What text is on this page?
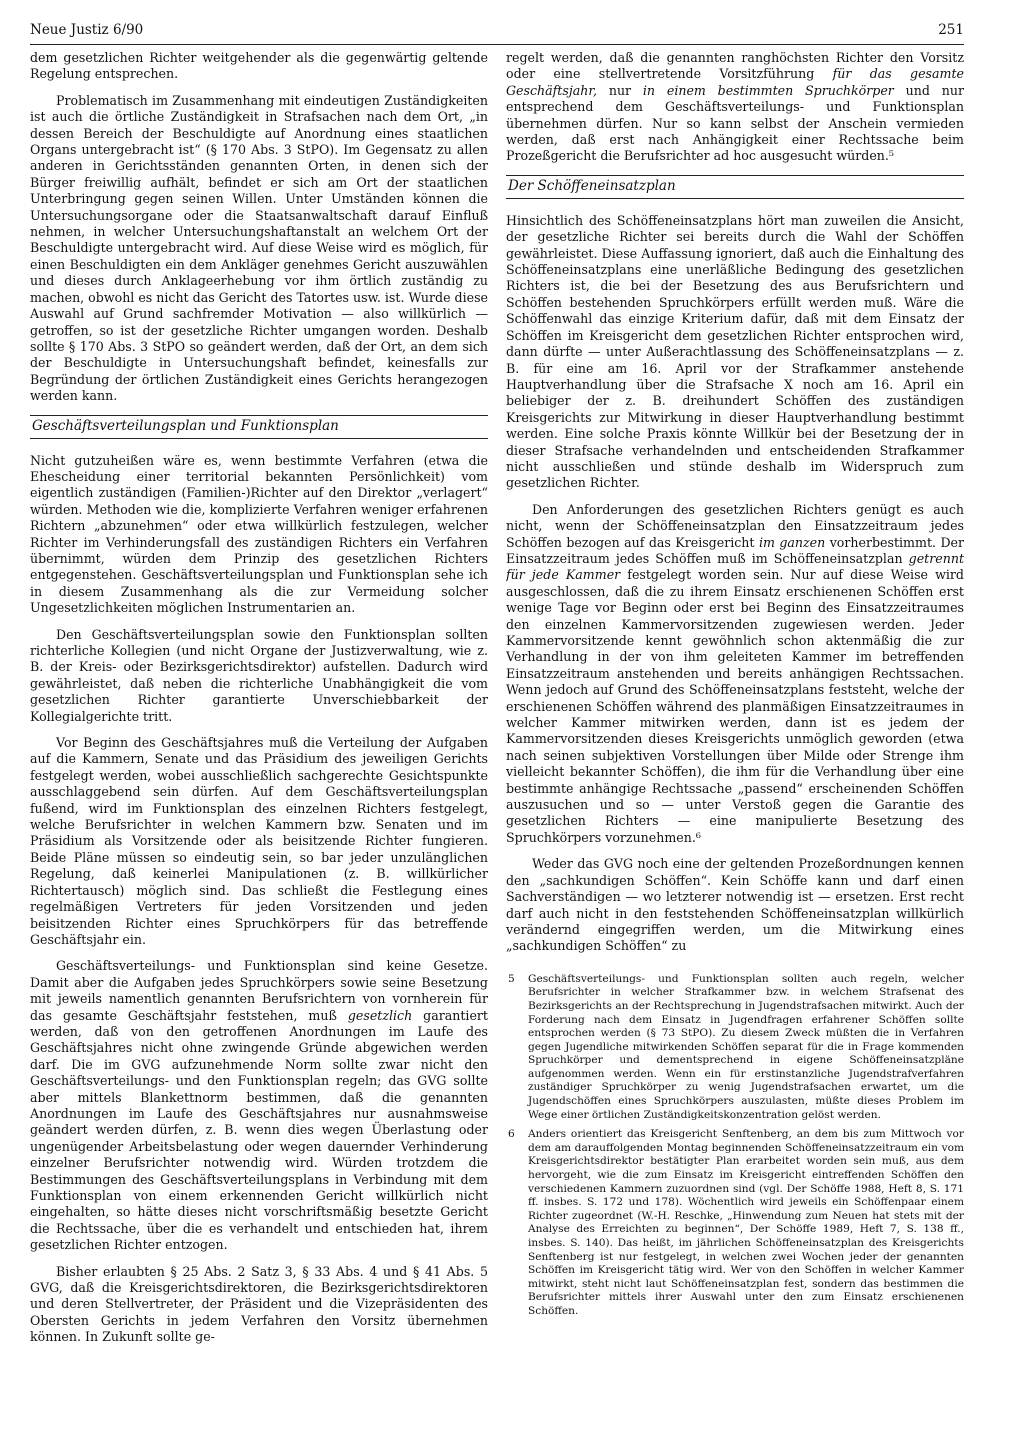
Neue Justiz 6/90	251

dem gesetzlichen Richter weitgehender als die gegenwärtig geltende Regelung entsprechen.

Problematisch im Zusammenhang mit eindeutigen Zuständigkeiten ist auch die örtliche Zuständigkeit in Strafsachen nach dem Ort, „in dessen Bereich der Beschuldigte auf Anordnung eines staatlichen Organs untergebracht ist“ (§ 170 Abs. 3 StPO). Im Gegensatz zu allen anderen in Gerichtsständen genannten Orten, in denen sich der Bürger freiwillig aufhält, befindet er sich am Ort der staatlichen Unterbringung gegen seinen Willen. Unter Umständen können die Untersuchungsorgane oder die Staatsanwaltschaft darauf Einfluß nehmen, in welcher Untersuchungshaftanstalt an welchem Ort der Beschuldigte untergebracht wird. Auf diese Weise wird es möglich, für einen Beschuldigten ein dem Ankläger genehmes Gericht auszuwählen und dieses durch Anklageerhebung vor ihm örtlich zuständig zu machen, obwohl es nicht das Gericht des Tatortes usw. ist. Wurde diese Auswahl auf Grund sachfremder Motivation — also willkürlich — getroffen, so ist der gesetzliche Richter umgangen worden. Deshalb sollte § 170 Abs. 3 StPO so geändert werden, daß der Ort, an dem sich der Beschuldigte in Untersuchungshaft befindet, keinesfalls zur Begründung der örtlichen Zuständigkeit eines Gerichts herangezogen werden kann.

Geschäftsverteilungsplan und Funktionsplan

Nicht gutzuheißen wäre es, wenn bestimmte Verfahren (etwa die Ehescheidung einer territorial bekannten Persönlichkeit) vom eigentlich zuständigen (Familien-)Richter auf den Direktor „verlagert“ würden. Methoden wie die, komplizierte Verfahren weniger erfahrenen Richtern „abzunehmen“ oder etwa willkürlich festzulegen, welcher Richter im Verhinderungsfall des zuständigen Richters ein Verfahren übernimmt, würden dem Prinzip des gesetzlichen Richters entgegenstehen. Geschäftsverteilungsplan und Funktionsplan sehe ich in diesem Zusammenhang als die zur Vermeidung solcher Ungesetzlichkeiten möglichen Instrumentarien an.

Den Geschäftsverteilungsplan sowie den Funktionsplan sollten richterliche Kollegien (und nicht Organe der Justizverwaltung, wie z. B. der Kreis- oder Bezirksgerichtsdirektor) aufstellen. Dadurch wird gewährleistet, daß neben die richterliche Unabhängigkeit die vom gesetzlichen Richter garantierte Unverschiebbarkeit der Kollegialgerichte tritt.

Vor Beginn des Geschäftsjahres muß die Verteilung der Aufgaben auf die Kammern, Senate und das Präsidium des jeweiligen Gerichts festgelegt werden, wobei ausschließlich sachgerechte Gesichtspunkte ausschlaggebend sein dürfen. Auf dem Geschäftsverteilungsplan fußend, wird im Funktionsplan des einzelnen Richters festgelegt, welche Berufsrichter in welchen Kammern bzw. Senaten und im Präsidium als Vorsitzende oder als beisitzende Richter fungieren. Beide Pläne müssen so eindeutig sein, so bar jeder unzulänglichen Regelung, daß keinerlei Manipulationen (z. B. willkürlicher Richtertausch) möglich sind. Das schließt die Festlegung eines regelmäßigen Vertreters für jeden Vorsitzenden und jeden beisitzenden Richter eines Spruchkörpers für das betreffende Geschäftsjahr ein.

Geschäftsverteilungs- und Funktionsplan sind keine Gesetze. Damit aber die Aufgaben jedes Spruchkörpers sowie seine Besetzung mit jeweils namentlich genannten Berufsrichtern von vornherein für das gesamte Geschäftsjahr feststehen, muß gesetzlich garantiert werden, daß von den getroffenen Anordnungen im Laufe des Geschäftsjahres nicht ohne zwingende Gründe abgewichen werden darf. Die im GVG aufzunehmende Norm sollte zwar nicht den Geschäftsverteilungs- und den Funktionsplan regeln; das GVG sollte aber mittels Blankettnorm bestimmen, daß die genannten Anordnungen im Laufe des Geschäftsjahres nur ausnahmsweise geändert werden dürfen, z. B. wenn dies wegen Überlastung oder ungenügender Arbeitsbelastung oder wegen dauernder Verhinderung einzelner Berufsrichter notwendig wird. Würden trotzdem die Bestimmungen des Geschäftsverteilungsplans in Verbindung mit dem Funktionsplan von einem erkennenden Gericht willkürlich nicht eingehalten, so hätte dieses nicht vorschriftsmäßig besetzte Gericht die Rechtssache, über die es verhandelt und entschieden hat, ihrem gesetzlichen Richter entzogen.

Bisher erlaubten § 25 Abs. 2 Satz 3, § 33 Abs. 4 und § 41 Abs. 5 GVG, daß die Kreisgerichtsdirektoren, die Bezirksgerichtsdirektoren und deren Stellvertreter, der Präsident und die Vizepräsidenten des Obersten Gerichts in jedem Verfahren den Vorsitz übernehmen können. In Zukunft sollte ge-

regelt werden, daß die genannten ranghöchsten Richter den Vorsitz oder eine stellvertretende Vorsitzführung für das gesamte Geschäftsjahr, nur in einem bestimmten Spruchkörper und nur entsprechend dem Geschäftsverteilungs- und Funktionsplan übernehmen dürfen. Nur so kann selbst der Anschein vermieden werden, daß erst nach Anhängigkeit einer Rechtssache beim Prozeßgericht die Berufsrichter ad hoc ausgesucht würden.⁵

Der Schöffeneinsatzplan

Hinsichtlich des Schöffeneinsatzplans hört man zuweilen die Ansicht, der gesetzliche Richter sei bereits durch die Wahl der Schöffen gewährleistet. Diese Auffassung ignoriert, daß auch die Einhaltung des Schöffeneinsatzplans eine unerläßliche Bedingung des gesetzlichen Richters ist, die bei der Besetzung des aus Berufsrichtern und Schöffen bestehenden Spruchkörpers erfüllt werden muß. Wäre die Schöffenwahl das einzige Kriterium dafür, daß mit dem Einsatz der Schöffen im Kreisgericht dem gesetzlichen Richter entsprochen wird, dann dürfte — unter Außerachtlassung des Schöffeneinsatzplans — z. B. für eine am 16. April vor der Strafkammer anstehende Hauptverhandlung über die Strafsache X noch am 16. April ein beliebiger der z. B. dreihundert Schöffen des zuständigen Kreisgerichts zur Mitwirkung in dieser Hauptverhandlung bestimmt werden. Eine solche Praxis könnte Willkür bei der Besetzung der in dieser Strafsache verhandelnden und entscheidenden Strafkammer nicht ausschließen und stünde deshalb im Widerspruch zum gesetzlichen Richter.

Den Anforderungen des gesetzlichen Richters genügt es auch nicht, wenn der Schöffeneinsatzplan den Einsatzzeitraum jedes Schöffen bezogen auf das Kreisgericht im ganzen vorherbestimmt. Der Einsatzzeitraum jedes Schöffen muß im Schöffeneinsatzplan getrennt für jede Kammer festgelegt worden sein. Nur auf diese Weise wird ausgeschlossen, daß die zu ihrem Einsatz erschienenen Schöffen erst wenige Tage vor Beginn oder erst bei Beginn des Einsatzzeitraumes den einzelnen Kammervorsitzenden zugewiesen werden. Jeder Kammervorsitzende kennt gewöhnlich schon aktenmäßig die zur Verhandlung in der von ihm geleiteten Kammer im betreffenden Einsatzzeitraum anstehenden und bereits anhängigen Rechtssachen. Wenn jedoch auf Grund des Schöffeneinsatzplans feststeht, welche der erschienenen Schöffen während des planmäßigen Einsatzzeitraumes in welcher Kammer mitwirken werden, dann ist es jedem der Kammervorsitzenden dieses Kreisgerichts unmöglich geworden (etwa nach seinen subjektiven Vorstellungen über Milde oder Strenge ihm vielleicht bekannter Schöffen), die ihm für die Verhandlung über eine bestimmte anhängige Rechtssache „passend“ erscheinenden Schöffen auszusuchen und so — unter Verstoß gegen die Garantie des gesetzlichen Richters — eine manipulierte Besetzung des Spruchkörpers vorzunehmen.⁶

Weder das GVG noch eine der geltenden Prozeßordnungen kennen den „sachkundigen Schöffen“. Kein Schöffe kann und darf einen Sachverständigen — wo letzterer notwendig ist — ersetzen. Erst recht darf auch nicht in den feststehenden Schöffeneinsatzplan willkürlich verändernd eingegriffen werden, um die Mitwirkung eines „sachkundigen Schöffen“ zu

5 Geschäftsverteilungs- und Funktionsplan sollten auch regeln, welcher Berufsrichter in welcher Strafkammer bzw. in welchem Strafsenat des Bezirksgerichts an der Rechtsprechung in Jugendstrafsachen mitwirkt. Auch der Forderung nach dem Einsatz in Jugendfragen erfahrener Schöffen sollte entsprochen werden (§ 73 StPO). Zu diesem Zweck müßten die in Verfahren gegen Jugendliche mitwirkenden Schöffen separat für die in Frage kommenden Spruchkörper und dementsprechend in eigene Schöffeneinsatzpläne aufgenommen werden. Wenn ein für erstinstanzliche Jugendstrafverfahren zuständiger Spruchkörper zu wenig Jugendstrafsachen erwartet, um die Jugendschöffen eines Spruchkörpers auszulasten, müßte dieses Problem im Wege einer örtlichen Zuständigkeitskonzentration gelöst werden.
6 Anders orientiert das Kreisgericht Senftenberg, an dem bis zum Mittwoch vor dem am darauffolgenden Montag beginnenden Schöffeneinsatzzeitraum ein vom Kreisgerichtsdirektor bestätigter Plan erarbeitet worden sein muß, aus dem hervorgeht, wie die zum Einsatz im Kreisgericht eintreffenden Schöffen den verschiedenen Kammern zuzuordnen sind (vgl. Der Schöffe 1988, Heft 8, S. 171 ff. insbes. S. 172 und 178). Wöchentlich wird jeweils ein Schöffenpaar einem Richter zugeordnet (W.-H. Reschke, „Hinwendung zum Neuen hat stets mit der Analyse des Erreichten zu beginnen“, Der Schöffe 1989, Heft 7, S. 138 ff., insbes. S. 140). Das heißt, im jährlichen Schöffeneinsatzplan des Kreisgerichts Senftenberg ist nur festgelegt, in welchen zwei Wochen jeder der genannten Schöffen im Kreisgericht tätig wird. Wer von den Schöffen in welcher Kammer mitwirkt, steht nicht laut Schöffeneinsatzplan fest, sondern das bestimmen die Berufsrichter mittels ihrer Auswahl unter den zum Einsatz erschienenen Schöffen.
